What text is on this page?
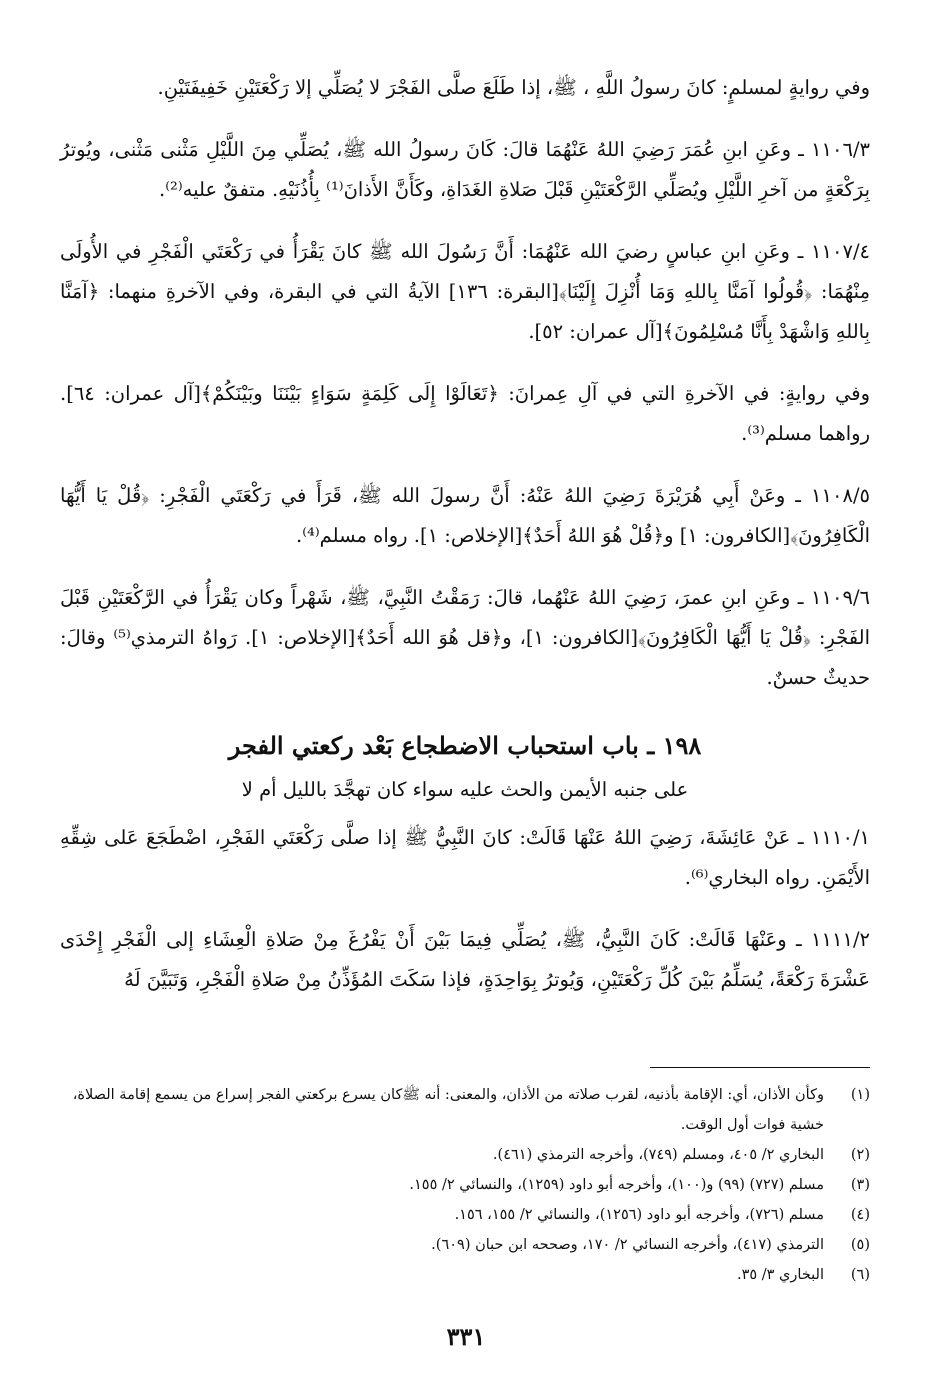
وفي روايةٍ لمسلمٍ: كانَ رسولُ اللَّهِ ، ﷺ، إذا طَلَعَ صلَّى الفَجْرَ لا يُصَلِّي إلا رَكْعَتَيْنِ خَفِيفَتَيْنِ.

١١٠٦/٣ ـ وعَنِ ابنِ عُمَرَ رَضِيَ اللهُ عَنْهُمَا قالَ: كَانَ رسولُ الله ﷺ، يُصَلِّي مِنَ اللَّيْلِ مَثْنى مَثْنى، ويُوترُ بِرَكْعَةٍ من آخرِ اللَّيْلِ ويُصَلِّي الرَّكْعَتَيْنِ قَبْلَ صَلاةِ الغَدَاةِ، وكَأَنَّ الأَذانَ⁽¹⁾ بِأُذُنَيْهِ. متفقٌ عليه⁽²⁾.

١١٠٧/٤ ـ وعَنِ ابنِ عباسٍ رضيَ الله عَنْهُمَا: أَنَّ رَسُولَ الله ﷺ كانَ يَقْرَأُ في رَكْعَتَي الْفَجْرِ في الأُولَى مِنْهُمَا: ﴿قُولُوا آمَنَّا بِاللهِ وَمَا أُنْزِلَ إِلَيْنَا﴾[البقرة: ١٣٦] الآيةُ التي في البقرة، وفي الآخرةِ منهما: ﴿آمَنَّا بِاللهِ وَاشْهَدْ بِأَنَّا مُسْلِمُونَ﴾[آل عمران: ٥٢].

وفي روايةٍ: في الآخرةِ التي في آلِ عِمرانَ: ﴿تَعَالَوْا إِلَى كَلِمَةٍ سَوَاءٍ بَيْنَنَا وبَيْنَكُمْ﴾[آل عمران: ٦٤]. رواهما مسلم⁽³⁾.

١١٠٨/٥ ـ وعَنْ أَبِي هُرَيْرَةَ رَضِيَ اللهُ عَنْهُ: أَنَّ رسولَ الله ﷺ، قَرَأَ في رَكْعَتَي الْفَجْرِ: ﴿قُلْ يَا أَيُّهَا الْكَافِرُونَ﴾[الكافرون: ١] و﴿قُلْ هُوَ اللهُ أَحَدٌ﴾[الإخلاص: ١]. رواه مسلم⁽⁴⁾.

١١٠٩/٦ ـ وعَنِ ابنِ عمرَ، رَضِيَ اللهُ عَنْهُما، قالَ: رَمَقْتُ النَّبِيَّ، ﷺ، شَهْراً وكان يَقْرَأُ في الرَّكْعَتَيْنِ قَبْلَ الفَجْرِ: ﴿قُلْ يَا أَيُّهَا الْكَافِرُونَ﴾[الكافرون: ١]، و﴿قل هُوَ الله أَحَدٌ﴾[الإخلاص: ١]. رَواهُ الترمذي⁽⁵⁾ وقالَ: حديثٌ حسنٌ.

١٩٨ ـ باب استحباب الاضطجاع بَعْد ركعتي الفجر
على جنبه الأيمن والحث عليه سواء كان تهجَّدَ بالليل أم لا

١١١٠/١ ـ عَنْ عَائِشَةَ، رَضِيَ اللهُ عَنْهَا قَالَتْ: كانَ النَّبِيُّ ﷺ إذا صلَّى رَكْعَتَي الفَجْرِ، اضْطَجَعَ عَلى شِقِّهِ الأَيْمَنِ. رواه البخاري⁽⁶⁾.

١١١١/٢ ـ وعَنْهَا قَالَتْ: كَانَ النَّبِيُّ، ﷺ، يُصَلِّي فِيمَا بَيْنَ أَنْ يَفْرُغَ مِنْ صَلاةِ الْعِشَاءِ إلى الْفَجْرِ إِحْدَى عَشْرَةَ رَكْعَةً، يُسَلِّمُ بَيْنَ كُلِّ رَكْعَتَيْنِ، وَيُوترُ بِوَاحِدَةٍ، فإذا سَكَتَ المُؤَذِّنُ مِنْ صَلاةِ الْفَجْرِ، وَتَبَيَّنَ لَهُ

(١)
وكأن الأذان، أي: الإقامة بأذنيه، لقرب صلاته من الأذان، والمعنى: أنه ﷺكان يسرع بركعتي الفجر إسراع من يسمع إقامة الصلاة، خشية فوات أول الوقت.
(٢)
البخاري ٢/ ٤٠٥، ومسلم (٧٤٩)، وأخرجه الترمذي (٤٦١).
(٣)
مسلم (٧٢٧) (٩٩) و(١٠٠)، وأخرجه أبو داود (١٢٥٩)، والنسائي ٢/ ١٥٥.
(٤)
مسلم (٧٢٦)، وأخرجه أبو داود (١٢٥٦)، والنسائي ٢/ ١٥٥، ١٥٦.
(٥)
الترمذي (٤١٧)، وأخرجه النسائي ٢/ ١٧٠، وصححه ابن حبان (٦٠٩).
(٦)
البخاري ٣/ ٣٥.
٣٣١
